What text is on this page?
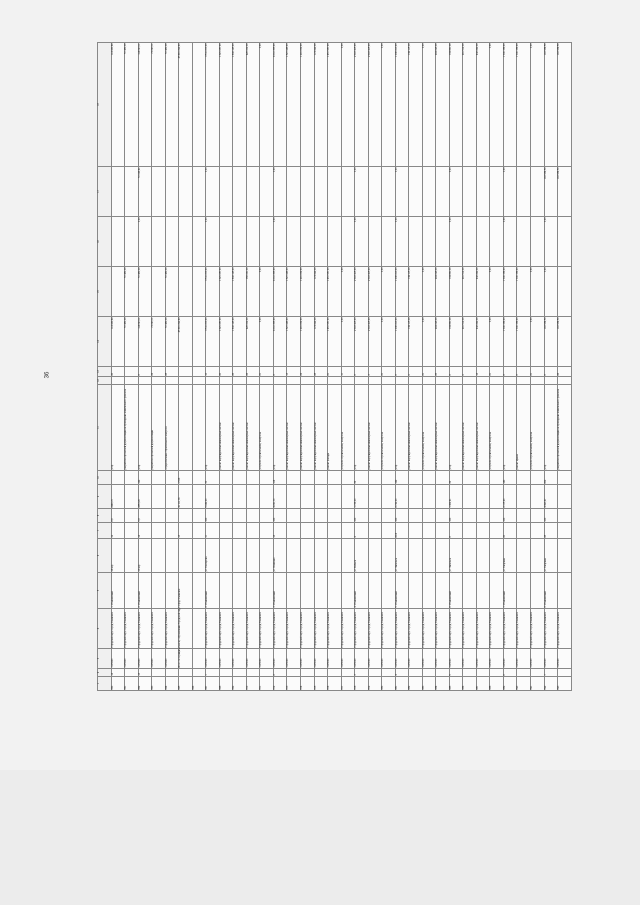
36
1	2	3	4	5	6	7	8	9	10	11	12	13	14	15	16	17	18
860	12	7105200	Городской округ город Ульяновск	1. Ульяновский	14 кор.	19	6,6	2246,70		устр.		20	114 960,49				114 960,49
861		7105200	Городской округ город Ульяновск							разработка проектной документации на проведение капитального ремонта			57 480,00	57 480,00			57 480,00
862	13	7105200	Городской округ город Ульяновск	2. Ульяновский	13 кор.	12	5,8	2853,20	129	устр.		8	114 693,11	57 480,00	0,00	57 026,41	114 693,11
863		7105200	Городской округ город Ульяновск							разработка проектной документации		22	70 693,11				70 693,11
864		7105200	Городской округ город Ульяновск							осуществление строительного контроля		28	57 480,00	57 480,00			57 480,00
865		Итого по муниципальному образованию Городской округ город Ульяновск				13		41 111,74	1 506				45 661 292,40				45 661 292,40
866																	
867	1	7105000	Городской округ город Ульяновск	2. Ульяновский	ул. Гончарова	11	100	5 949,00	70	устр.		10	3 511 273,00	3 511 273,00	0,00	0,00	3 511 273,00
868		7105000	Городской округ город Ульяновск							ремонт внутридомовых инженерных систем		20	1 321 087,00	1 321 087,00			1 321 087,00
869		7105000	Городской округ город Ульяновск							ремонт внутридомовых инженерных систем		25	1 832 125,00	1 832 125,00			1 832 125,00
870		7105000	Городской округ город Ульяновск							ремонт внутридомовых инженерных систем		26	428 009,00	358 061,00			428 009,00
871		7105000	Городской округ город Ульяновск							услуги по строительному контролю		21	0,00	0,00			0,00
872	2	7105000	Городской округ город Ульяновск	3. Ульяновский	ул. Осипенко	16	100	4 221,70	114	устр.		8	4 710 355,00	4 710 355,00	0,00	0,00	4 710 355,00
873		7105000	Городской округ город Ульяновск							ремонт внутридомовых инженерных систем		13	1 527 948,00	1 527 948,00			1 527 948,00
874		7105000	Городской округ город Ульяновск							ремонт внутридомовых инженерных систем		22	1 991 632,00	1 991 632,00			1 991 632,00
875		7105000	Городской округ город Ульяновск							ремонт внутридомовых инженерных систем		28	174 992,00	174 992,00			174 992,00
876		7105000	Городской округ город Ульяновск							ремонт фасада		21	1 457 587,00	1 457 587,00			1 457 587,00
877		7105000	Городской округ город Ульяновск							услуги по строительному контролю		11	0,00	0,00			0,00
878	3	7105000	Городской округ город Ульяновск	4. Ульяновский	ул. Бебеля	4	100	1 736,00	32	устр.		8	2 303 415,00	2 303 415,00	0,00	0,00	2 303 415,00
879		7105000	Городской округ город Ульяновск							ремонт внутридомовых инженерных систем		3	2 303 415,00	2 303 415,00			2 303 415,00
880		7105000	Городской округ город Ульяновск							услуги по строительному контролю		21	0,00	0,00			0,00
881	4	7105000	Городской округ город Ульяновск	5. Ульяновский	ул. Энгельса	20/4	100	2 729,00	122	устр.		8	1 036 213,00	1 036 213,00	0,00	0,00	1 036 213,00
882		7105000	Городской округ город Ульяновск							ремонт внутридомовых инженерных систем		9	742 115,00	742 115,00			742 115,00
883		7105000	Городской округ город Ульяновск							услуги по строительному контролю		21	0,00	0,00			0,00
884		7105000	Городской округ город Ульяновск							ремонт внутридомовых инженерных систем		25	294 098,00	294 098,00			294 098,00
885	5	7105000	Городской округ город Ульяновск	6. Ульяновский	ул. Энгельса	8	100	1 402,21	32	устр.		8	734 861,00	734 861,00	0,00	0,00	734 861,00
886		7105000	Городской округ город Ульяновск							ремонт внутридомовых инженерных систем		9	291 512,00	291 512,00			291 512,00
887		7105000	Городской округ город Ульяновск							ремонт внутридомовых инженерных систем		16	443 229,00	443 229,00			443 229,00
888		7105000	Городской округ город Ульяновск							услуги по строительному контролю		21	0,00	0,00			0,00
889	6	7105000	Городской округ город Ульяновск	7. Ульяновский	ул. Гагарина	20	100	2 175,20	140	устр.		8	7 330 786,00	7 330 786,00	0,00	0,00	7 330 786,00
890		7105000	Городской округ город Ульяновск							ремонт крыши		8	7 330 786,00	7 330 786,00			7 330 786,00
891		7105000	Городской округ город Ульяновск							услуги по строительному контролю		21	0,00	0,00			0,00
892	7	7105000	Городской округ город Ульяновск	8. Ульяновский	ул. Гагарина	28	100	4 493,47	209	устр.		8	163 584,50	0,00	0,00	163 584,50	163 584,50
893		7105000	Городской округ город Ульяновск							разработка проектной документации на проведение капитального ремонта		26	163 584,50			163 584,50	163 584,50
